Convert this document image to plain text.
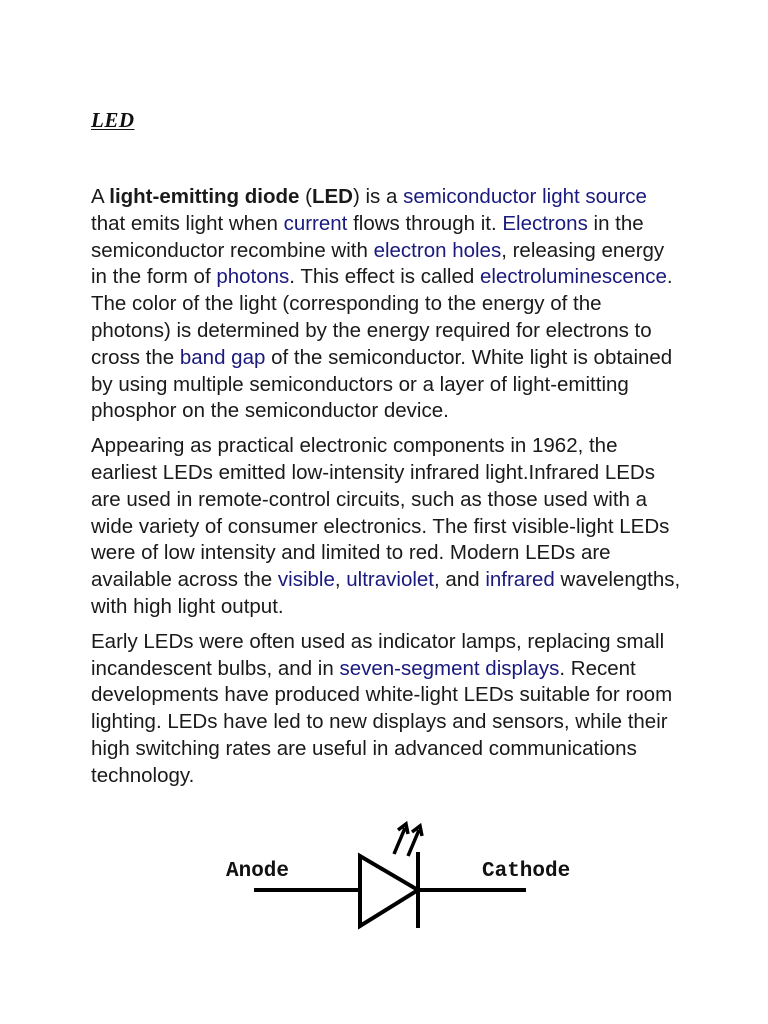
LED

A light-emitting diode (LED) is a semiconductor light source that emits light when current flows through it. Electrons in the semiconductor recombine with electron holes, releasing energy in the form of photons. This effect is called electroluminescence. The color of the light (corresponding to the energy of the photons) is determined by the energy required for electrons to cross the band gap of the semiconductor. White light is obtained by using multiple semiconductors or a layer of light-emitting phosphor on the semiconductor device.

Appearing as practical electronic components in 1962, the earliest LEDs emitted low-intensity infrared light.Infrared LEDs are used in remote-control circuits, such as those used with a wide variety of consumer electronics. The first visible-light LEDs were of low intensity and limited to red. Modern LEDs are available across the visible, ultraviolet, and infrared wavelengths, with high light output.

Early LEDs were often used as indicator lamps, replacing small incandescent bulbs, and in seven-segment displays. Recent developments have produced white-light LEDs suitable for room lighting. LEDs have led to new displays and sensors, while their high switching rates are useful in advanced communications technology.

Anode	Cathode
